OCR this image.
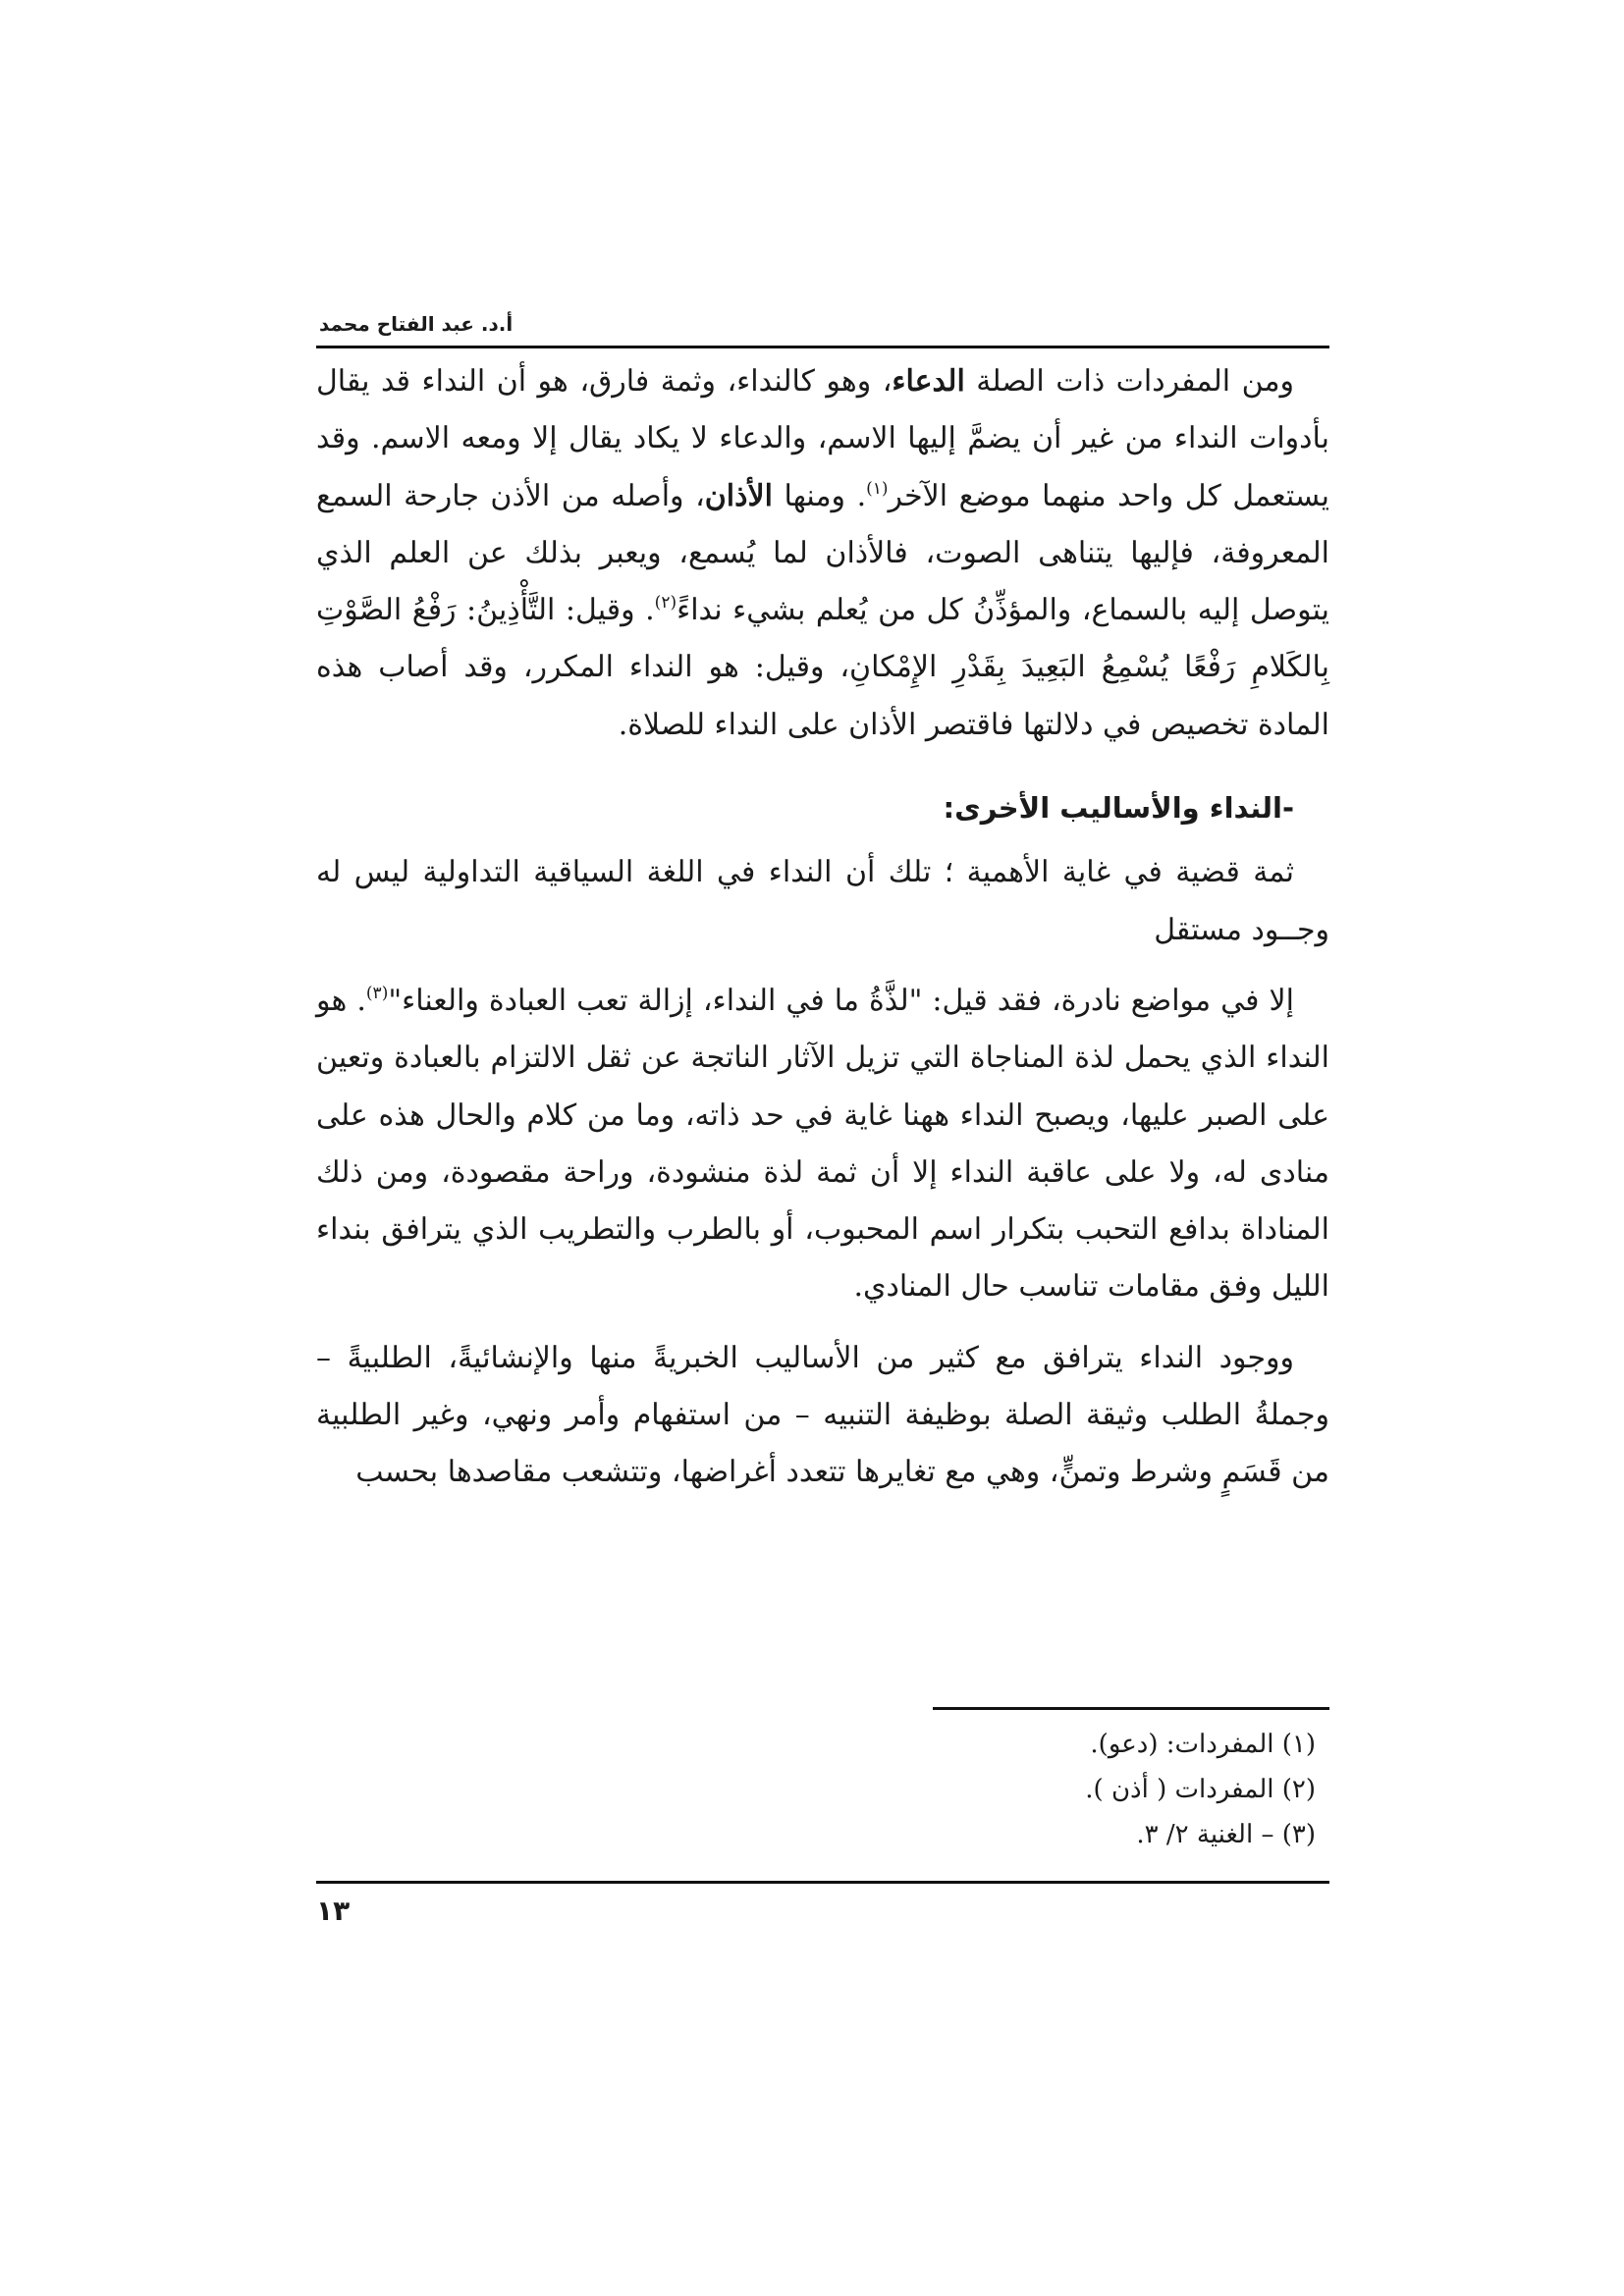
أ.د. عبد الفتاح محمد

ومن المفردات ذات الصلة الدعاء، وهو كالنداء، وثمة فارق، هو أن النداء قد يقال بأدوات النداء من غير أن يضمَّ إليها الاسم، والدعاء لا يكاد يقال إلا ومعه الاسم. وقد يستعمل كل واحد منهما موضع الآخر$^{(١)}$. ومنها الأذان، وأصله من الأذن جارحة السمع المعروفة، فإليها يتناهى الصوت، فالأذان لما يُسمع، ويعبر بذلك عن العلم الذي يتوصل إليه بالسماع، والمؤذِّنُ كل من يُعلم بشيء نداءً$^{(٢)}$. وقيل: التَّأْذِينُ: رَفْعُ الصَّوْتِ بِالكَلامِ رَفْعًا يُسْمِعُ البَعِيدَ بِقَدْرِ الإِمْكانِ، وقيل: هو النداء المكرر، وقد أصاب هذه المادة تخصيص في دلالتها فاقتصر الأذان على النداء للصلاة.

-النداء والأساليب الأخرى:

ثمة قضية في غاية الأهمية ؛ تلك أن النداء في اللغة السياقية التداولية ليس له وجــود مستقل

إلا في مواضع نادرة، فقد قيل: "لذَّةُ ما في النداء، إزالة تعب العبادة والعناء"$^{(٣)}$. هو النداء الذي يحمل لذة المناجاة التي تزيل الآثار الناتجة عن ثقل الالتزام بالعبادة وتعين على الصبر عليها، ويصبح النداء ههنا غاية في حد ذاته، وما من كلام والحال هذه على منادى له، ولا على عاقبة النداء إلا أن ثمة لذة منشودة، وراحة مقصودة، ومن ذلك المناداة بدافع التحبب بتكرار اسم المحبوب، أو بالطرب والتطريب الذي يترافق بنداء الليل وفق مقامات تناسب حال المنادي.

ووجود النداء يترافق مع كثير من الأساليب الخبريةً منها والإنشائيةً، الطلبيةً – وجملةُ الطلب وثيقة الصلة بوظيفة التنبيه – من استفهام وأمر ونهي، وغير الطلبية من قَسَمٍ وشرط وتمنٍّ، وهي مع تغايرها تتعدد أغراضها، وتتشعب مقاصدها بحسب

(١) المفردات: (دعو).

(٢) المفردات ( أذن ).

(٣) – الغنية ٢/ ٣.

١٣
